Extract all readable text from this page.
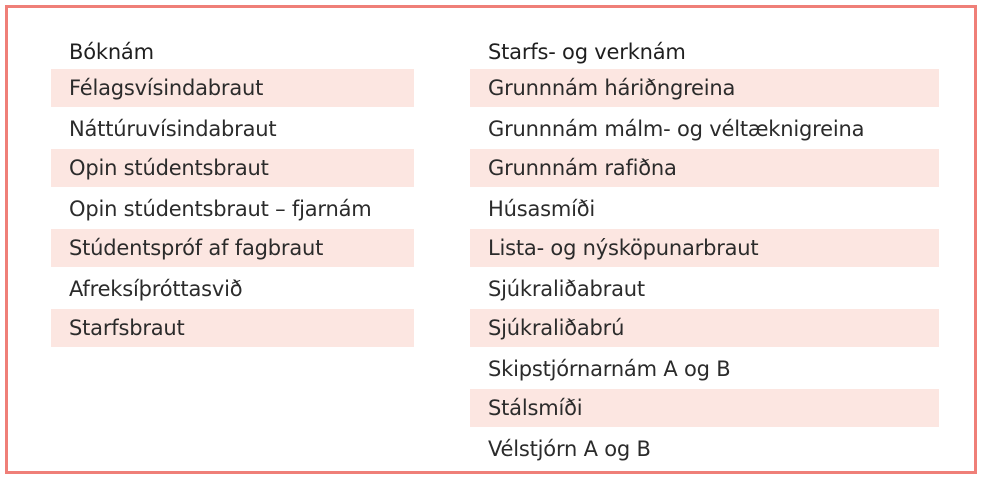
Bóknám
Félagsvísindabraut
Náttúruvísindabraut
Opin stúdentsbraut
Opin stúdentsbraut – fjarnám
Stúdentspróf af fagbraut
Afreksíþróttasvið
Starfsbraut
Starfs- og verknám
Grunnnám háriðngreina
Grunnnám málm- og véltæknigreina
Grunnnám rafiðna
Húsasmíði
Lista- og nýsköpunarbraut
Sjúkraliðabraut
Sjúkraliðabrú
Skipstjórnarnám A og B
Stálsmíði
Vélstjórn A og B
